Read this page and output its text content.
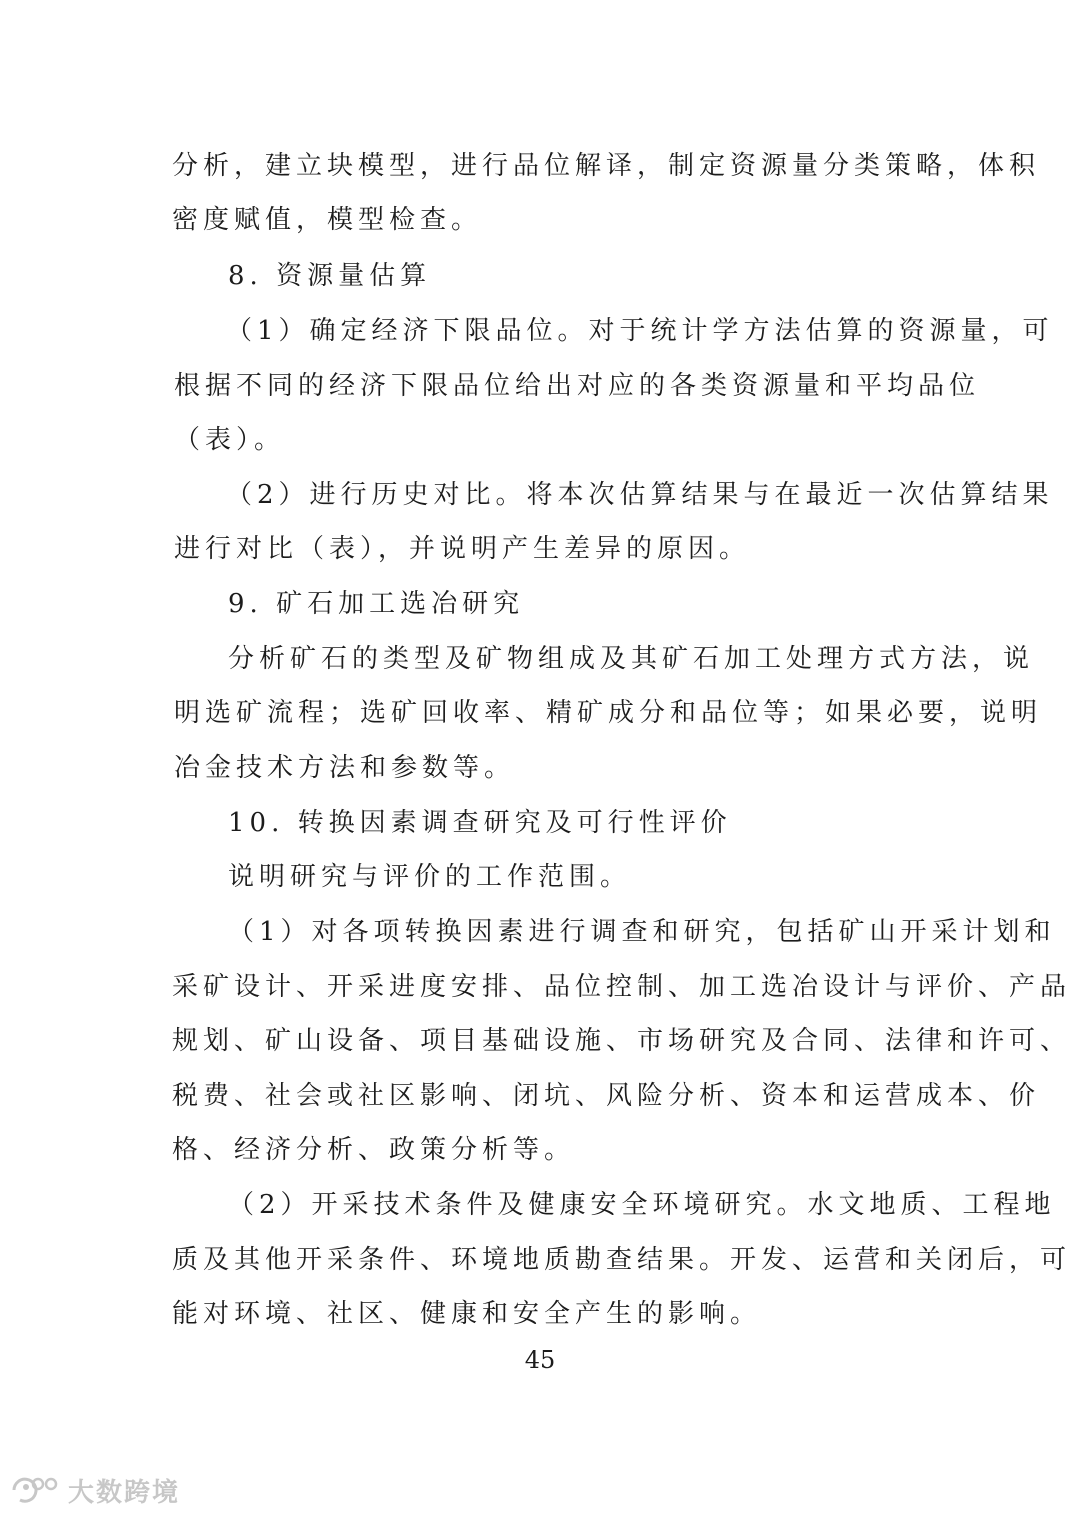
分析，建立块模型，进行品位解译，制定资源量分类策略，体积
密度赋值，模型检查。
8. 资源量估算
（1）确定经济下限品位。对于统计学方法估算的资源量，可
根据不同的经济下限品位给出对应的各类资源量和平均品位
（表）。
（2）进行历史对比。将本次估算结果与在最近一次估算结果
进行对比（表），并说明产生差异的原因。
9. 矿石加工选冶研究
分析矿石的类型及矿物组成及其矿石加工处理方式方法，说
明选矿流程；选矿回收率、精矿成分和品位等；如果必要，说明
冶金技术方法和参数等。
10. 转换因素调查研究及可行性评价
说明研究与评价的工作范围。
（1）对各项转换因素进行调查和研究，包括矿山开采计划和
采矿设计、开采进度安排、品位控制、加工选冶设计与评价、产品
规划、矿山设备、项目基础设施、市场研究及合同、法律和许可、
税费、社会或社区影响、闭坑、风险分析、资本和运营成本、价
格、经济分析、政策分析等。
（2）开采技术条件及健康安全环境研究。水文地质、工程地
质及其他开采条件、环境地质勘查结果。开发、运营和关闭后，可
能对环境、社区、健康和安全产生的影响。
45
大数跨境
